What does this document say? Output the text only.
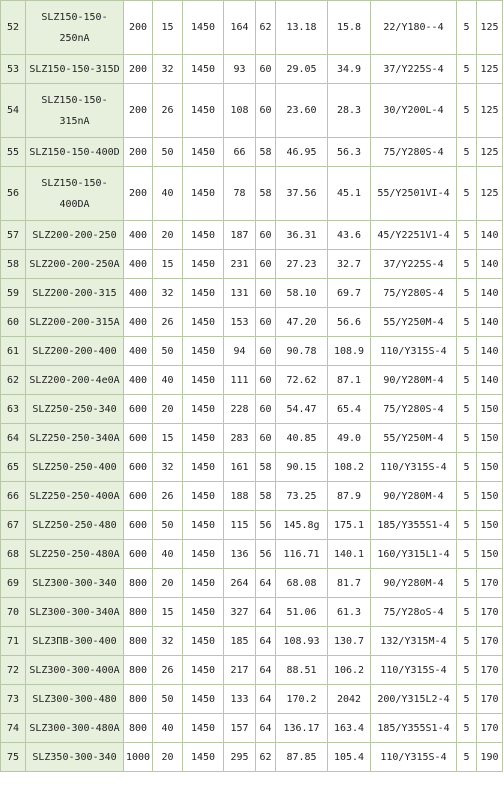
52	SLZ150-150-
250nA	200	15	1450	164	62	13.18	15.8	22/Y180--4	5	125
53	SLZ150-150-315D	200	32	1450	93	60	29.05	34.9	37/Y225S-4	5	125
54	SLZ150-150-
315nA	200	26	1450	108	60	23.60	28.3	30/Y200L-4	5	125
55	SLZ150-150-400D	200	50	1450	66	58	46.95	56.3	75/Y280S-4	5	125
56	SLZ150-150-
400DA	200	40	1450	78	58	37.56	45.1	55/Y2501VI-4	5	125
57	SLZ200-200-250	400	20	1450	187	60	36.31	43.6	45/Y2251V1-4	5	140
58	SLZ200-200-250A	400	15	1450	231	60	27.23	32.7	37/Y225S-4	5	140
59	SLZ200-200-315	400	32	1450	131	60	58.10	69.7	75/Y280S-4	5	140
60	SLZ200-200-315A	400	26	1450	153	60	47.20	56.6	55/Y250M-4	5	140
61	SLZ200-200-400	400	50	1450	94	60	90.78	108.9	110/Y315S-4	5	140
62	SLZ200-200-4e0A	400	40	1450	111	60	72.62	87.1	90/Y280M-4	5	140
63	SLZ250-250-340	600	20	1450	228	60	54.47	65.4	75/Y280S-4	5	150
64	SLZ250-250-340A	600	15	1450	283	60	40.85	49.0	55/Y250M-4	5	150
65	SLZ250-250-400	600	32	1450	161	58	90.15	108.2	110/Y315S-4	5	150
66	SLZ250-250-400A	600	26	1450	188	58	73.25	87.9	90/Y280M-4	5	150
67	SLZ250-250-480	600	50	1450	115	56	145.8g	175.1	185/Y355S1-4	5	150
68	SLZ250-250-480A	600	40	1450	136	56	116.71	140.1	160/Y315L1-4	5	150
69	SLZ300-300-340	800	20	1450	264	64	68.08	81.7	90/Y280M-4	5	170
70	SLZ300-300-340A	800	15	1450	327	64	51.06	61.3	75/Y28oS-4	5	170
71	SLZ3ΠΒ-300-400	800	32	1450	185	64	108.93	130.7	132/Y315M-4	5	170
72	SLZ300-300-400A	800	26	1450	217	64	88.51	106.2	110/Y315S-4	5	170
73	SLZ300-300-480	800	50	1450	133	64	170.2	2042	200/Y315L2-4	5	170
74	SLZ300-300-480A	800	40	1450	157	64	136.17	163.4	185/Y355S1-4	5	170
75	SLZ350-300-340	1000	20	1450	295	62	87.85	105.4	110/Y315S-4	5	190
